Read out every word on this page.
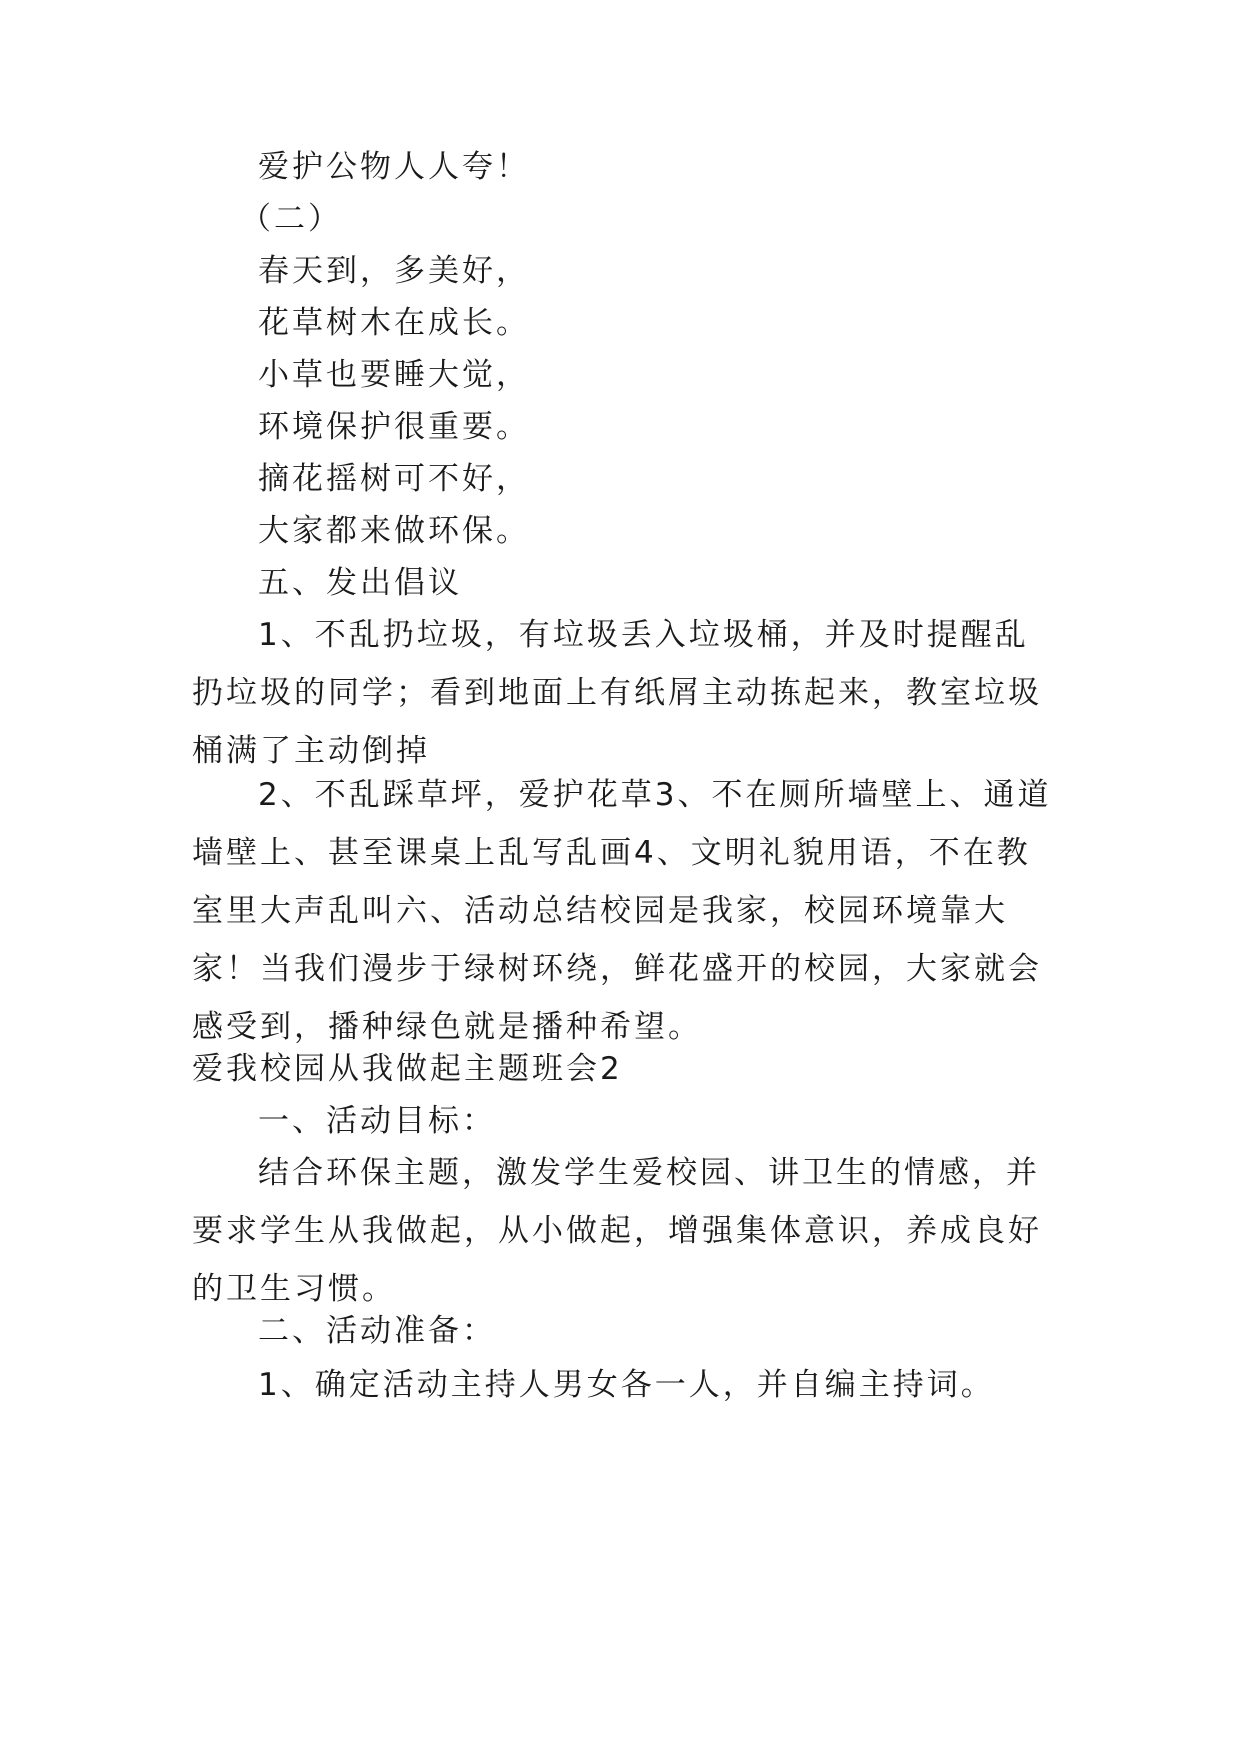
爱护公物人人夸！

（二）

春天到，多美好，

花草树木在成长。

小草也要睡大觉，

环境保护很重要。

摘花摇树可不好，

大家都来做环保。

五、发出倡议

1、不乱扔垃圾，有垃圾丢入垃圾桶，并及时提醒乱扔垃圾的同学；看到地面上有纸屑主动拣起来，教室垃圾桶满了主动倒掉

2、不乱踩草坪，爱护花草3、不在厕所墙壁上、通道墙壁上、甚至课桌上乱写乱画4、文明礼貌用语，不在教室里大声乱叫六、活动总结校园是我家，校园环境靠大家！当我们漫步于绿树环绕，鲜花盛开的校园，大家就会感受到，播种绿色就是播种希望。

爱我校园从我做起主题班会2

一、活动目标：

结合环保主题，激发学生爱校园、讲卫生的情感，并要求学生从我做起，从小做起，增强集体意识，养成良好的卫生习惯。

二、活动准备：

1、确定活动主持人男女各一人，并自编主持词。
